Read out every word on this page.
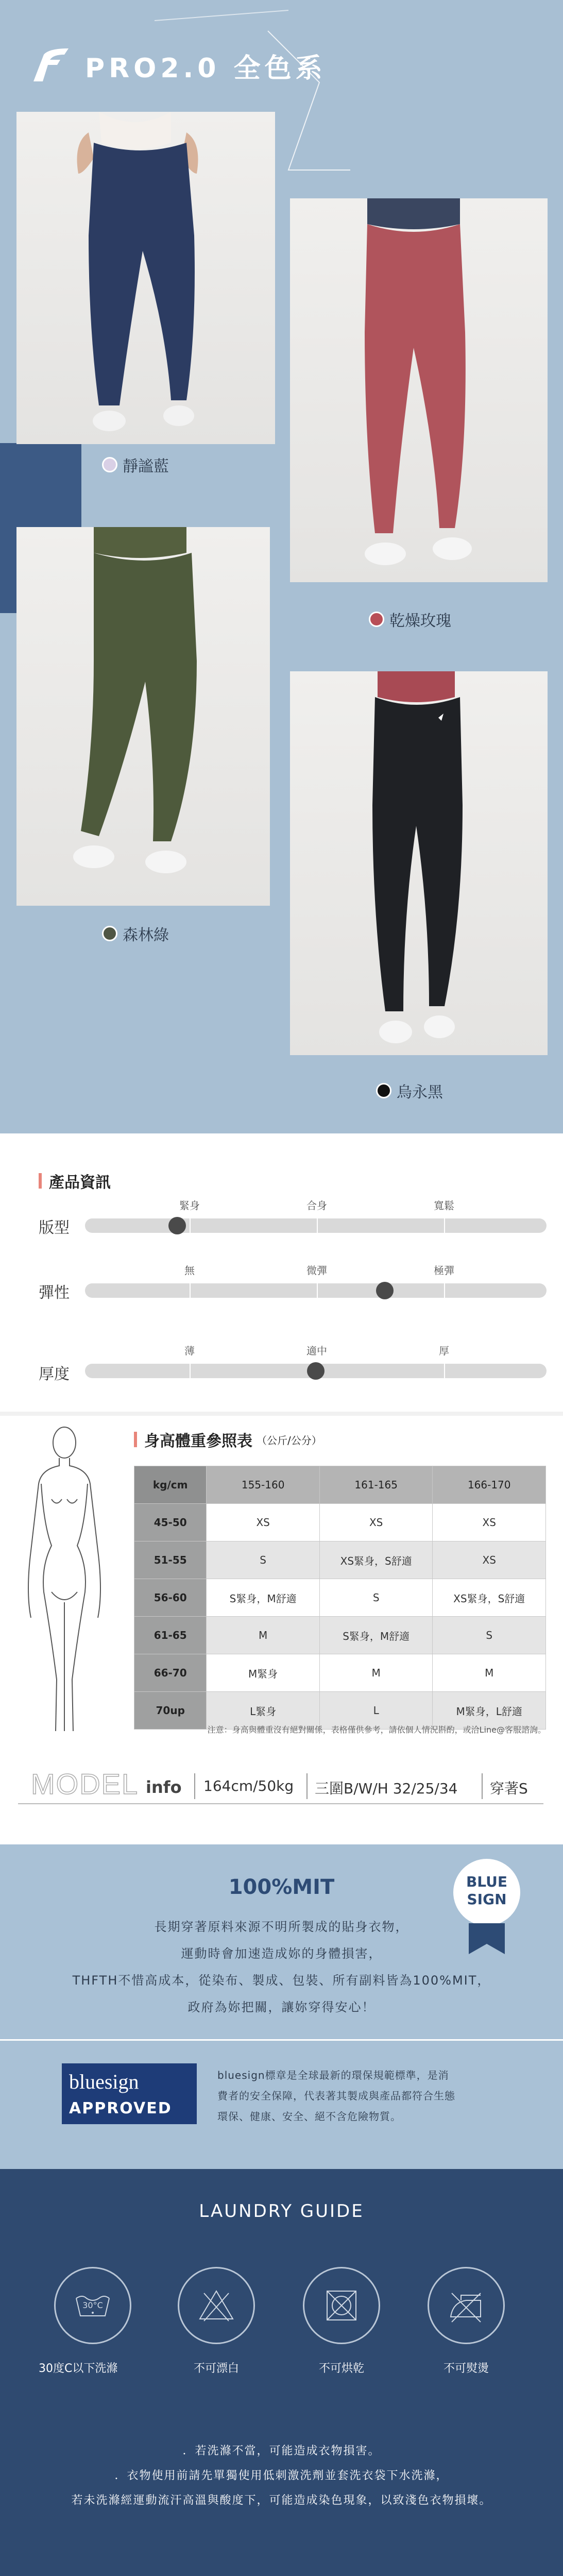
PRO2.0 全色系
靜謐藍
乾燥玫瑰
森林綠
烏永黑
產品資訊
緊身	合身	寬鬆
版型
無	微彈	極彈
彈性
薄	適中	厚
厚度
身高體重參照表 （公斤/公分）
kg/cm	155-160	161-165	166-170
45-50	XS	XS	XS
51-55	S	XS緊身，S舒適	XS
56-60	S緊身，M舒適	S	XS緊身，S舒適
61-65	M	S緊身，M舒適	S
66-70	M緊身	M	M
70up	L緊身	L	M緊身，L舒適
注意：身高與體重沒有絕對關係，表格僅供參考，請依個人情況斟酌，或洽Line@客服諮詢。
MODEL info 164cm/50kg 三圍B/W/H 32/25/34 穿著S
100%MIT	BLUE
SIGN
長期穿著原料來源不明所製成的貼身衣物，
運動時會加速造成妳的身體損害，
THFTH不惜高成本，從染布、製成、包裝、所有副料皆為100%MIT，
政府為妳把關，讓妳穿得安心！
bluesign
APPROVED
bluesign標章是全球最新的環保規範標準，是消
費者的安全保障，代表著其製成與產品都符合生態
環保、健康、安全、絕不含危險物質。
LAUNDRY GUIDE
30°C
30度C以下洗滌	不可漂白	不可烘乾	不可熨燙
．若洗滌不當，可能造成衣物損害。
．衣物使用前請先單獨使用低刺激洗劑並套洗衣袋下水洗滌，
若未洗滌經運動流汗高溫與酸度下，可能造成染色現象，以致淺色衣物損壞。
